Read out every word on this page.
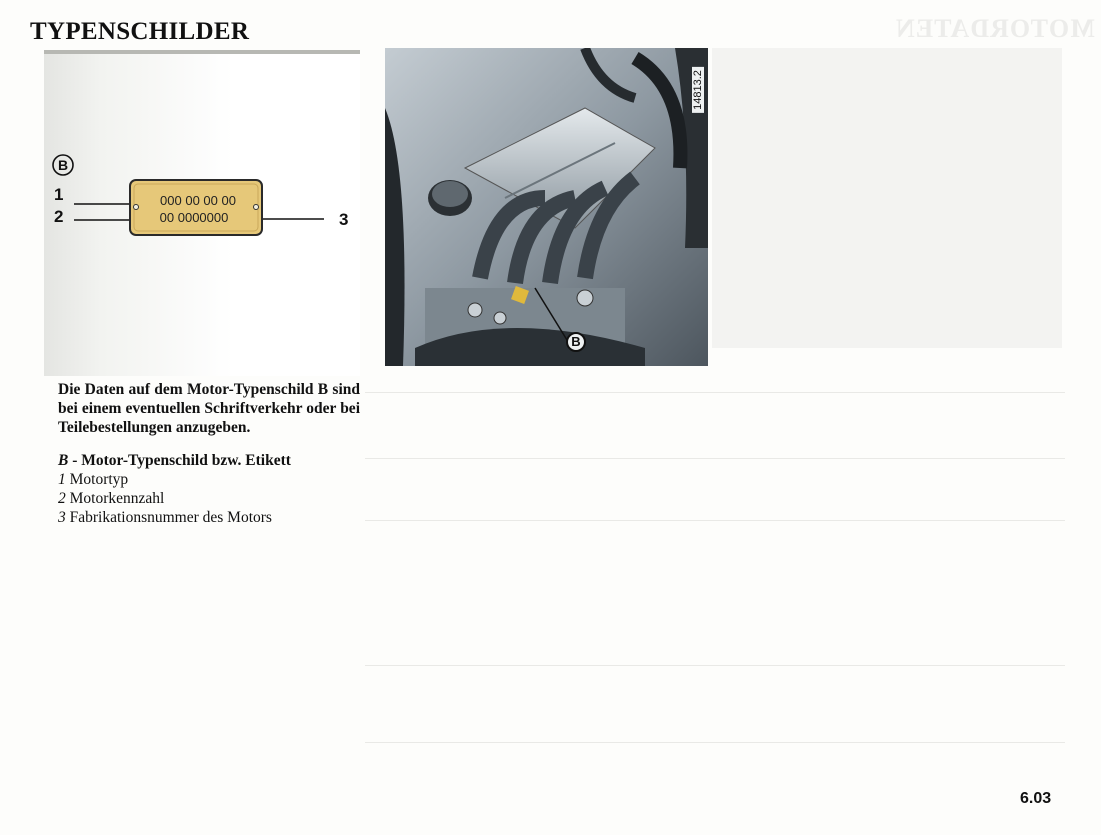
MOTORDATEN
TYPENSCHILDER
B
000 00 00 00
00 0000000
1
2	3
B
14813.2

Die Daten auf dem Motor-Typenschild B sind bei einem eventuellen Schriftverkehr oder bei Teilebestellungen anzugeben.

B - Motor-Typenschild bzw. Etikett

1 Motortyp

2 Motorkennzahl

3 Fabrikationsnummer des Motors

6.03
